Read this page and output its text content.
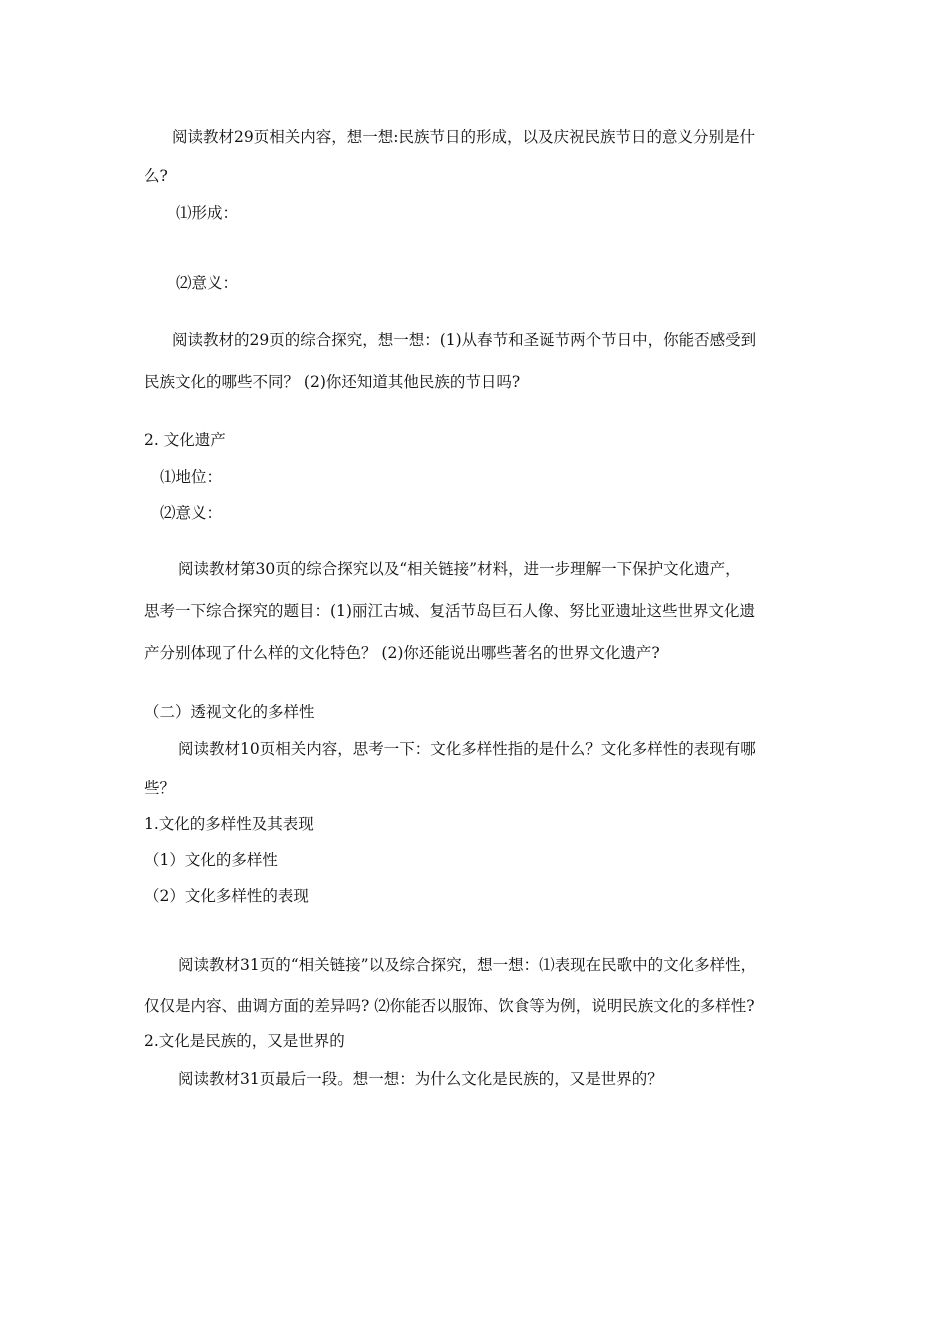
阅读教材29页相关内容，想一想:民族节日的形成，以及庆祝民族节日的意义分别是什

么?

⑴形成：

⑵意义：

阅读教材的29页的综合探究，想一想：(1)从春节和圣诞节两个节日中，你能否感受到

民族文化的哪些不同？ (2)你还知道其他民族的节日吗?

2. 文化遗产

⑴地位：

⑵意义：

阅读教材第30页的综合探究以及“相关链接”材料，进一步理解一下保护文化遗产，

思考一下综合探究的题目：(1)丽江古城、复活节岛巨石人像、努比亚遗址这些世界文化遗

产分别体现了什么样的文化特色？ (2)你还能说出哪些著名的世界文化遗产?

（二）透视文化的多样性

阅读教材10页相关内容，思考一下：文化多样性指的是什么？文化多样性的表现有哪

些？

1.文化的多样性及其表现

（1）文化的多样性

（2）文化多样性的表现

阅读教材31页的“相关链接”以及综合探究，想一想：⑴表现在民歌中的文化多样性，

仅仅是内容、曲调方面的差异吗? ⑵你能否以服饰、饮食等为例，说明民族文化的多样性?

2.文化是民族的，又是世界的

阅读教材31页最后一段。想一想：为什么文化是民族的，又是世界的？
